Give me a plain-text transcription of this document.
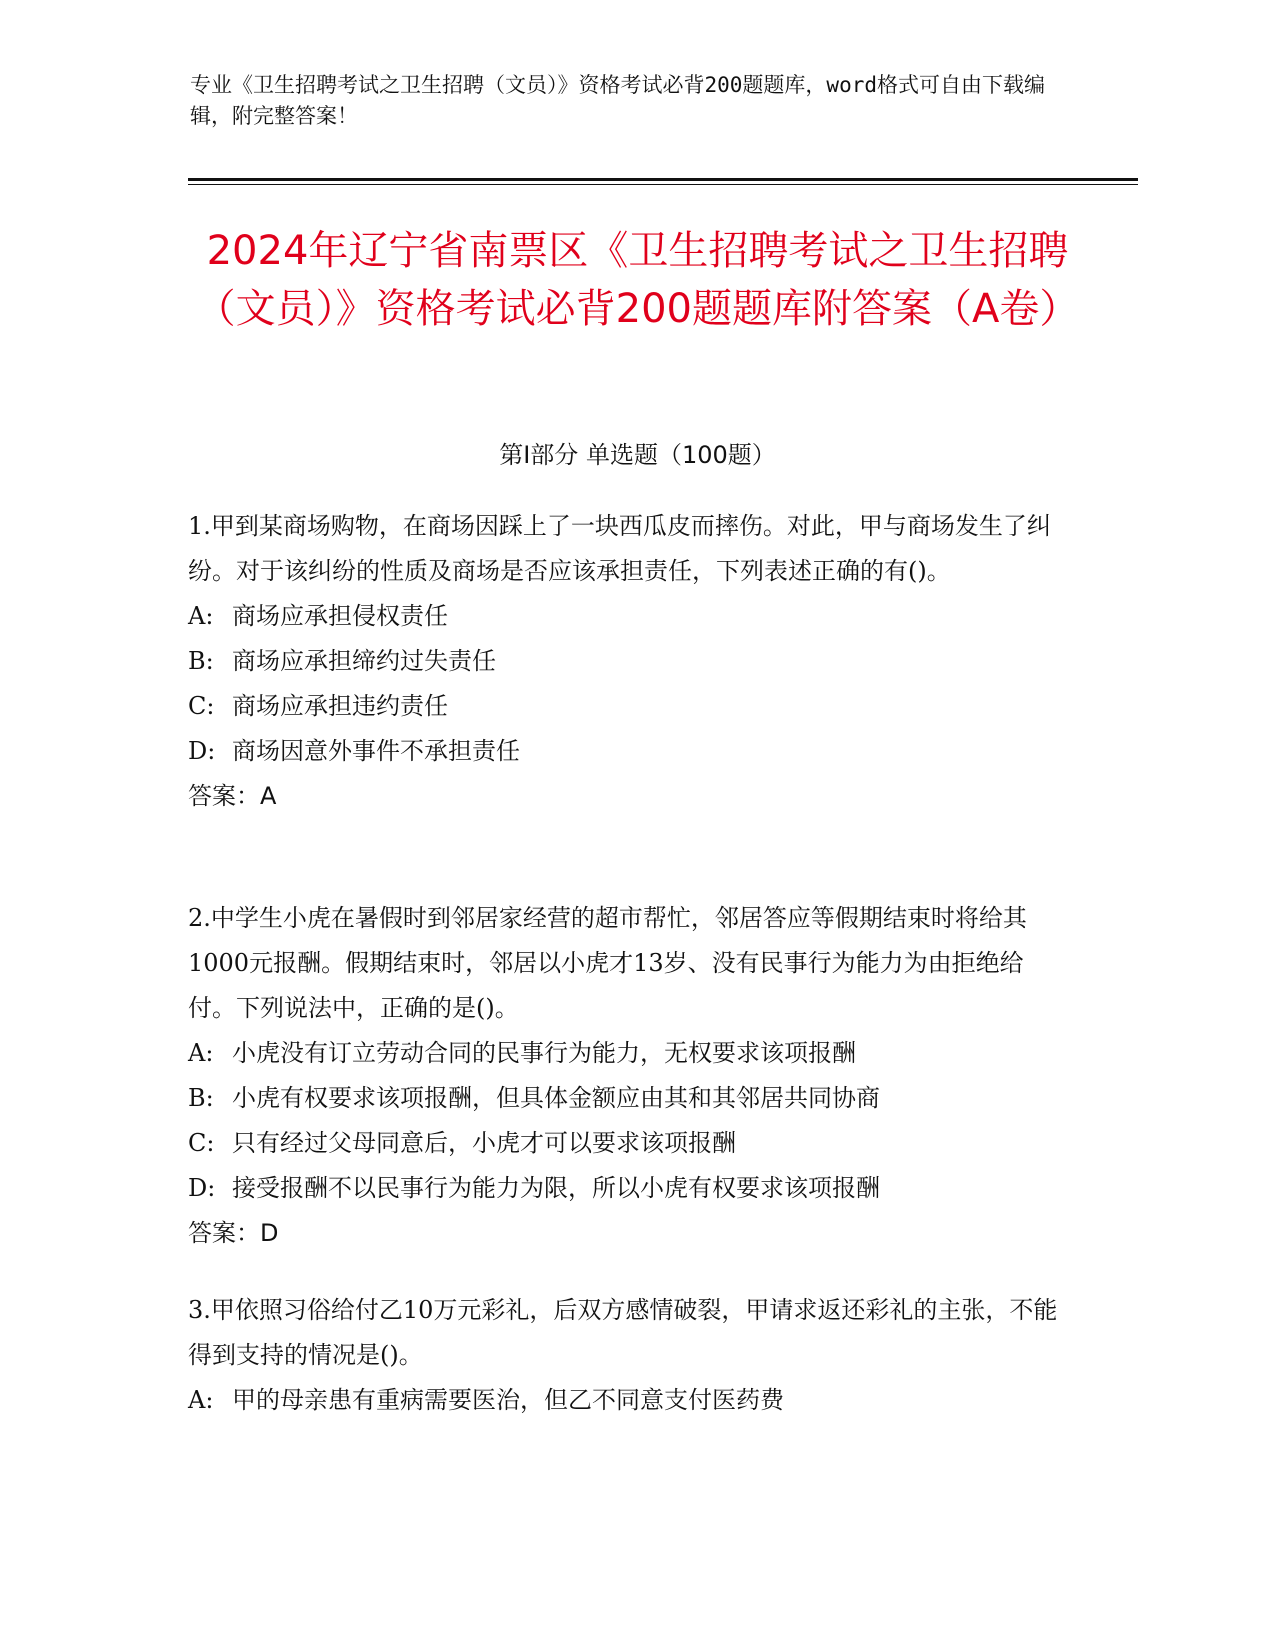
专业《卫生招聘考试之卫生招聘（文员）》资格考试必背200题题库，word格式可自由下载编辑，附完整答案！
2024年辽宁省南票区《卫生招聘考试之卫生招聘（文员）》资格考试必背200题题库附答案（A卷）
第I部分 单选题（100题）
1.甲到某商场购物，在商场因踩上了一块西瓜皮而摔伤。对此，甲与商场发生了纠纷。对于该纠纷的性质及商场是否应该承担责任，下列表述正确的有()。
A: 商场应承担侵权责任
B: 商场应承担缔约过失责任
C: 商场应承担违约责任
D: 商场因意外事件不承担责任
答案：A
2.中学生小虎在暑假时到邻居家经营的超市帮忙，邻居答应等假期结束时将给其1000元报酬。假期结束时，邻居以小虎才13岁、没有民事行为能力为由拒绝给付。下列说法中，正确的是()。
A: 小虎没有订立劳动合同的民事行为能力，无权要求该项报酬
B: 小虎有权要求该项报酬，但具体金额应由其和其邻居共同协商
C: 只有经过父母同意后，小虎才可以要求该项报酬
D: 接受报酬不以民事行为能力为限，所以小虎有权要求该项报酬
答案：D
3.甲依照习俗给付乙10万元彩礼，后双方感情破裂，甲请求返还彩礼的主张，不能得到支持的情况是()。
A: 甲的母亲患有重病需要医治，但乙不同意支付医药费
